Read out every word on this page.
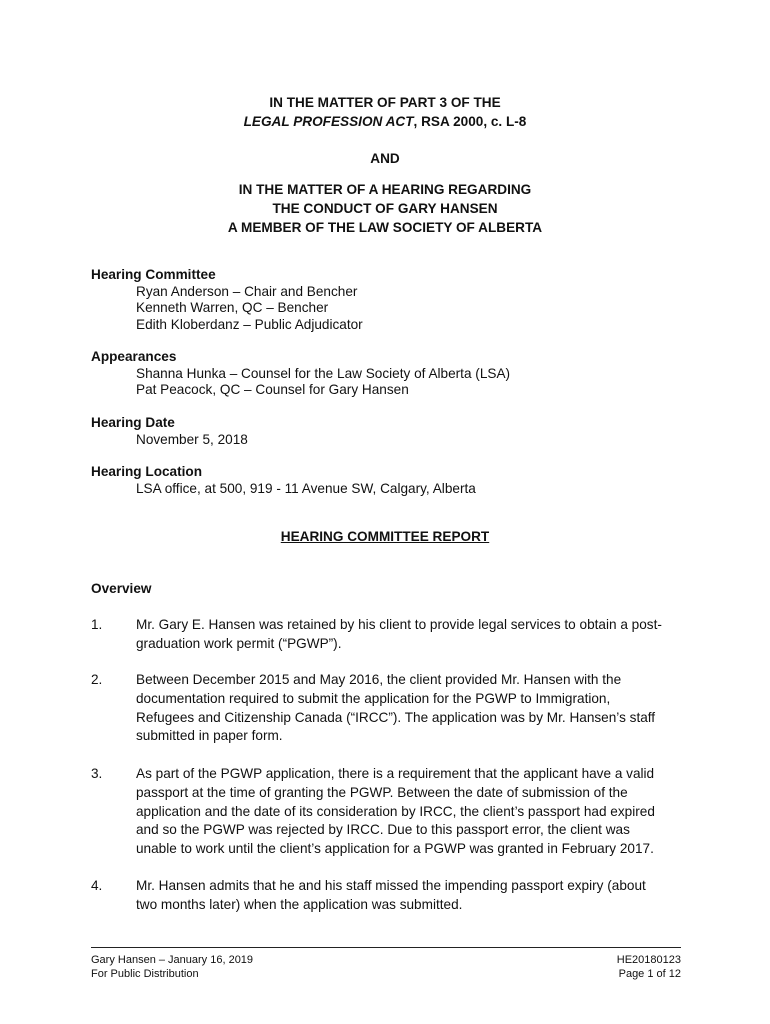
IN THE MATTER OF PART 3 OF THE
LEGAL PROFESSION ACT, RSA 2000, c. L-8
AND
IN THE MATTER OF A HEARING REGARDING
THE CONDUCT OF GARY HANSEN
A MEMBER OF THE LAW SOCIETY OF ALBERTA
Hearing Committee
Ryan Anderson – Chair and Bencher
Kenneth Warren, QC – Bencher
Edith Kloberdanz – Public Adjudicator
Appearances
Shanna Hunka – Counsel for the Law Society of Alberta (LSA)
Pat Peacock, QC – Counsel for Gary Hansen
Hearing Date
November 5, 2018
Hearing Location
LSA office, at 500, 919 - 11 Avenue SW, Calgary, Alberta
HEARING COMMITTEE REPORT
Overview
1. Mr. Gary E. Hansen was retained by his client to provide legal services to obtain a post-
graduation work permit (“PGWP”).
2. Between December 2015 and May 2016, the client provided Mr. Hansen with the
documentation required to submit the application for the PGWP to Immigration,
Refugees and Citizenship Canada (“IRCC”). The application was by Mr. Hansen’s staff
submitted in paper form.
3. As part of the PGWP application, there is a requirement that the applicant have a valid
passport at the time of granting the PGWP. Between the date of submission of the
application and the date of its consideration by IRCC, the client’s passport had expired
and so the PGWP was rejected by IRCC. Due to this passport error, the client was
unable to work until the client’s application for a PGWP was granted in February 2017.
4. Mr. Hansen admits that he and his staff missed the impending passport expiry (about
two months later) when the application was submitted.
Gary Hansen – January 16, 2019
For Public Distribution
HE20180123
Page 1 of 12
